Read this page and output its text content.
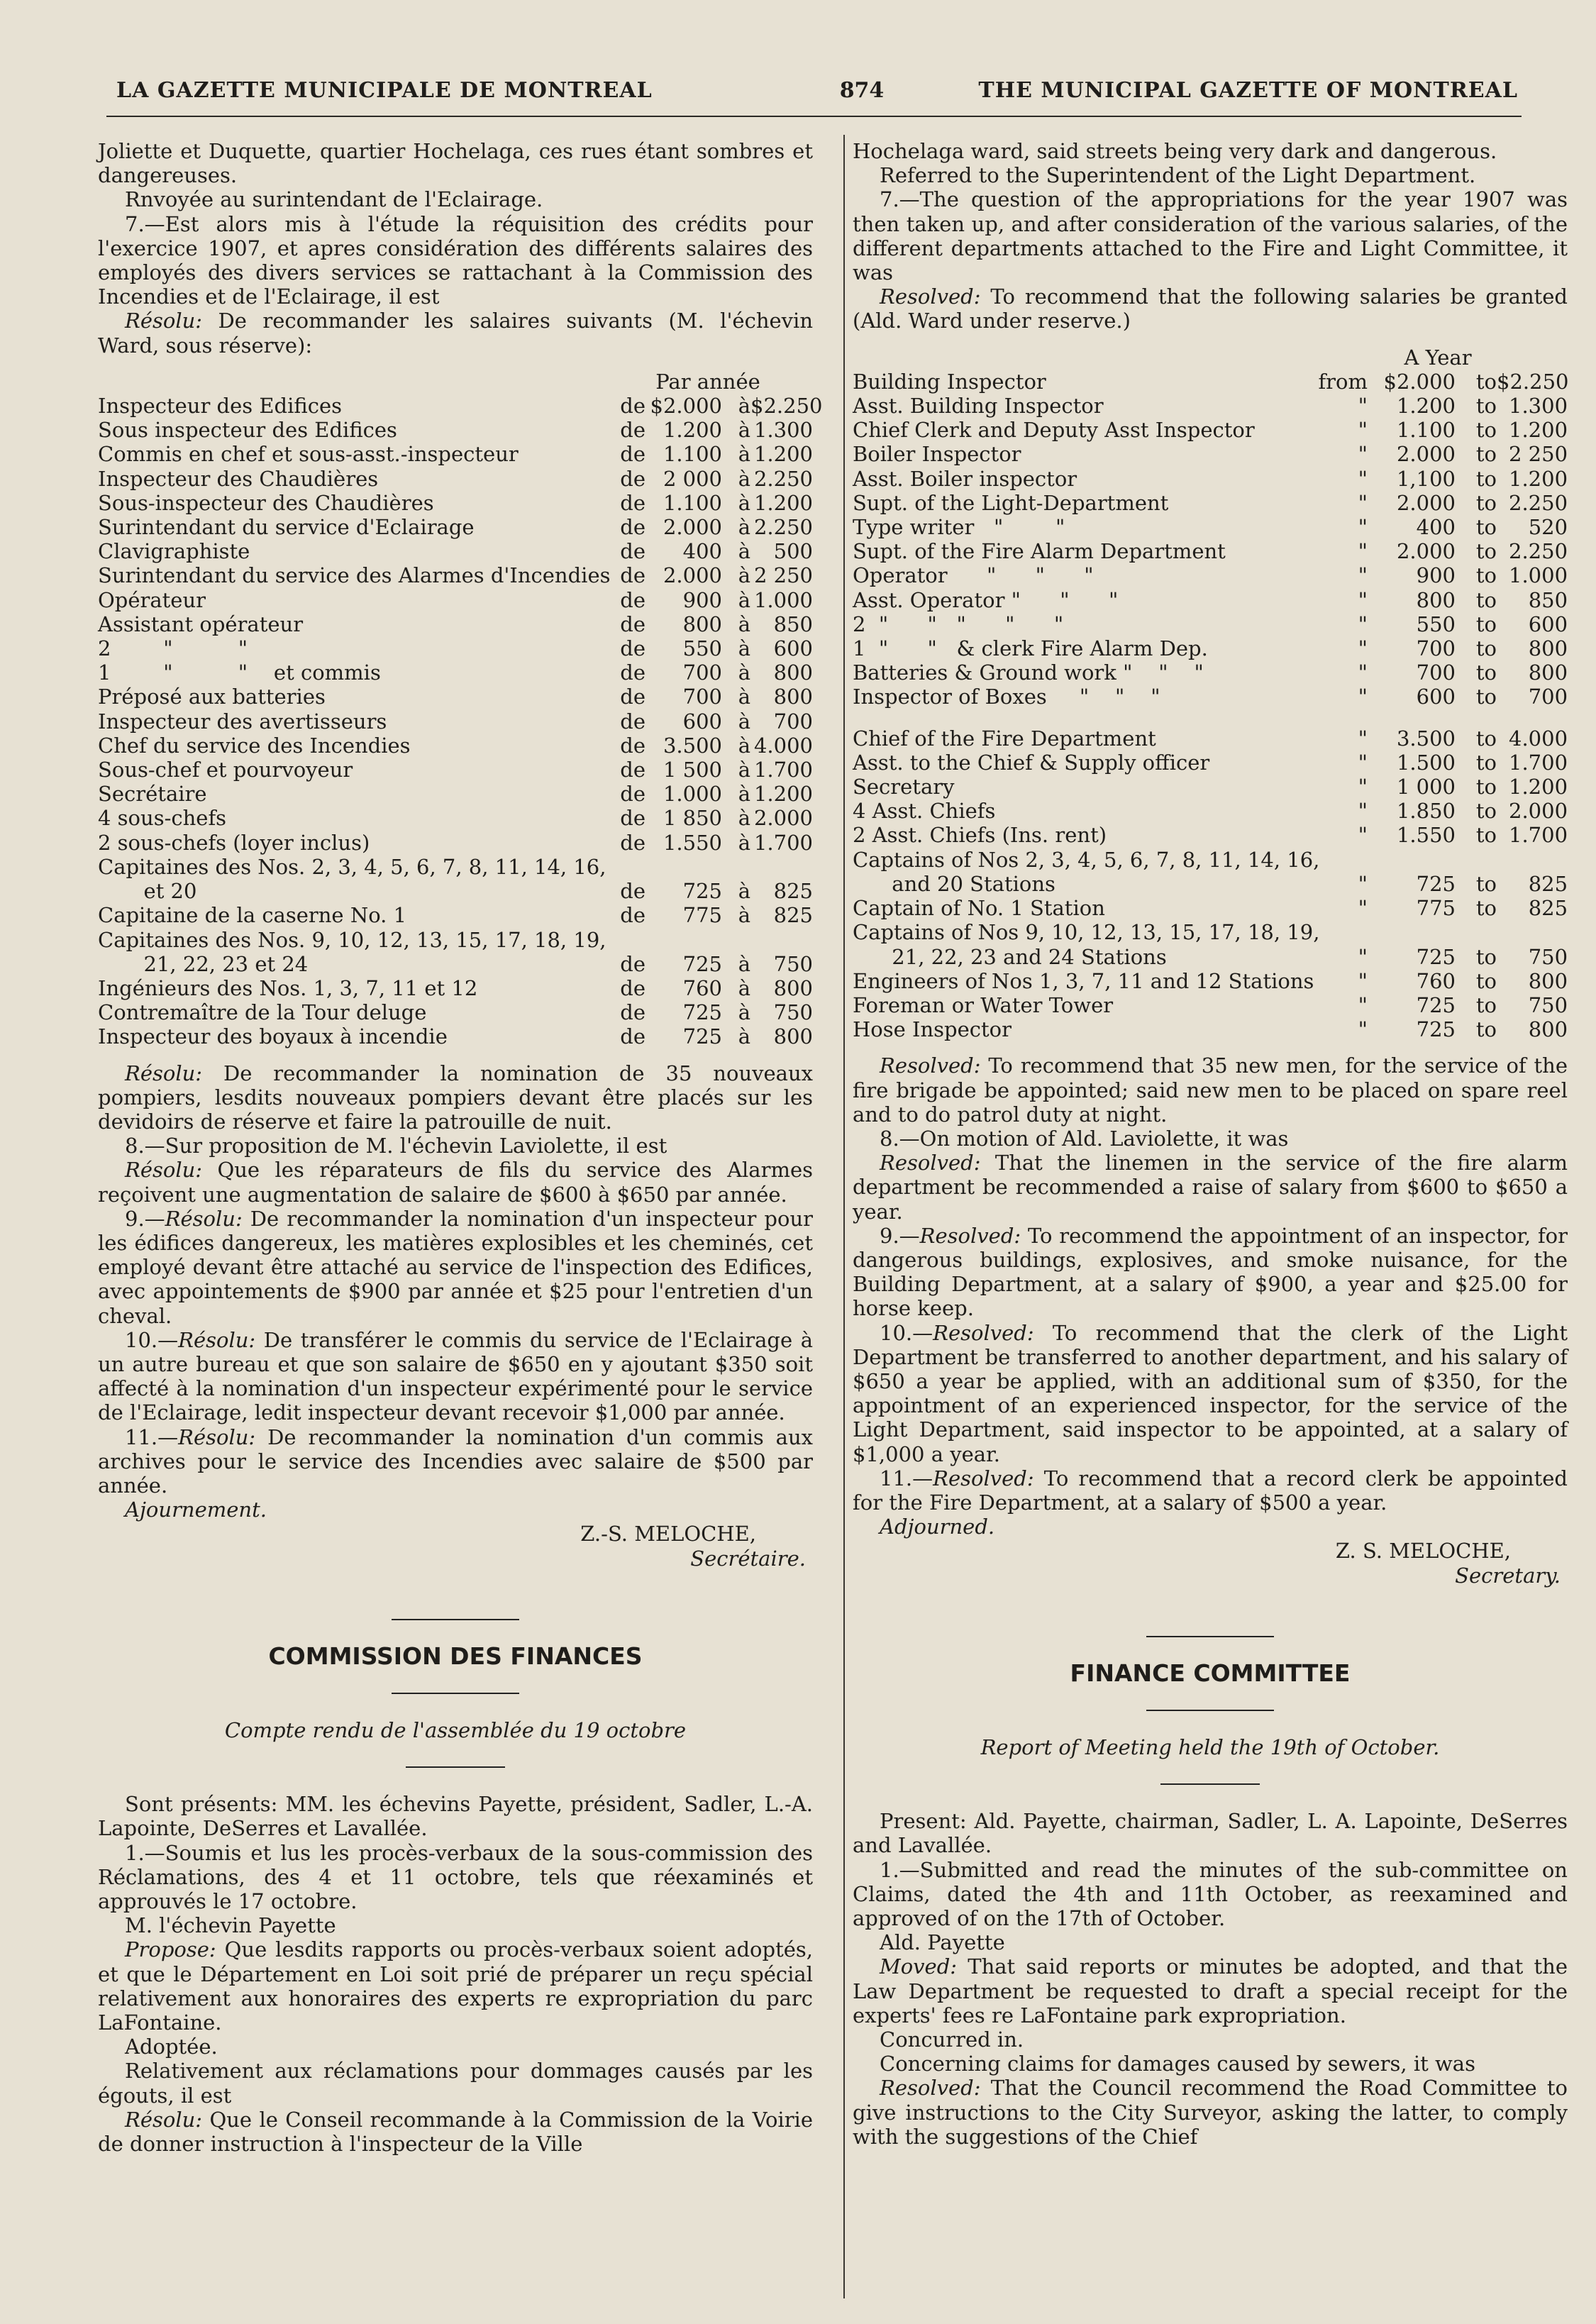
LA GAZETTE MUNICIPALE DE MONTREAL	874	THE MUNICIPAL GAZETTE OF MONTREAL

Joliette et Duquette, quartier Hochelaga, ces rues étant sombres et dangereuses.

Rnvoyée au surintendant de l'Eclairage.

7.—Est alors mis à l'étude la réquisition des crédits pour l'exercice 1907, et apres considération des différents salaires des employés des divers services se rattachant à la Commission des Incendies et de l'Eclairage, il est

Résolu: De recommander les salaires suivants (M. l'échevin Ward, sous réserve):

	Par année			
Inspecteur des Edifices	de	$2.000	à	$2.250
Sous inspecteur des Edifices	de	1.200	à	1.300
Commis en chef et sous-asst.-inspecteur	de	1.100	à	1.200
Inspecteur des Chaudières	de	2 000	à	2.250
Sous-inspecteur des Chaudières	de	1.100	à	1.200
Surintendant du service d'Eclairage	de	2.000	à	2.250
Clavigraphiste	de	400	à	500
Surintendant du service des Alarmes d'Incendies	de	2.000	à	2 250
Opérateur	de	900	à	1.000
Assistant opérateur	de	800	à	850
2        "          "	de	550	à	600
1        "          "    et commis	de	700	à	800
Préposé aux batteries	de	700	à	800
Inspecteur des avertisseurs	de	600	à	700
Chef du service des Incendies	de	3.500	à	4.000
Sous-chef et pourvoyeur	de	1 500	à	1.700
Secrétaire	de	1.000	à	1.200
4 sous-chefs	de	1 850	à	2.000
2 sous-chefs (loyer inclus)	de	1.550	à	1.700
Capitaines des Nos. 2, 3, 4, 5, 6, 7, 8, 11, 14, 16,				
et 20	de	725	à	825
Capitaine de la caserne No. 1	de	775	à	825
Capitaines des Nos. 9, 10, 12, 13, 15, 17, 18, 19,				
21, 22, 23 et 24	de	725	à	750
Ingénieurs des Nos. 1, 3, 7, 11 et 12	de	760	à	800
Contremaître de la Tour deluge	de	725	à	750
Inspecteur des boyaux à incendie	de	725	à	800

Résolu: De recommander la nomination de 35 nouveaux pompiers, lesdits nouveaux pompiers devant être placés sur les devidoirs de réserve et faire la patrouille de nuit.

8.—Sur proposition de M. l'échevin Laviolette, il est

Résolu: Que les réparateurs de fils du service des Alarmes reçoivent une augmentation de salaire de $600 à $650 par année.

9.—Résolu: De recommander la nomination d'un inspecteur pour les édifices dangereux, les matières explosibles et les cheminés, cet employé devant être attaché au service de l'inspection des Edifices, avec appointements de $900 par année et $25 pour l'entretien d'un cheval.

10.—Résolu: De transférer le commis du service de l'Eclairage à un autre bureau et que son salaire de $650 en y ajoutant $350 soit affecté à la nomination d'un inspecteur expérimenté pour le service de l'Eclairage, ledit inspecteur devant recevoir $1,000 par année.

11.—Résolu: De recommander la nomination d'un commis aux archives pour le service des Incendies avec salaire de $500 par année.

Ajournement.

Z.-S. MELOCHE,

Secrétaire.

COMMISSION DES FINANCES

Compte rendu de l'assemblée du 19 octobre

Sont présents: MM. les échevins Payette, président, Sadler, L.-A. Lapointe, DeSerres et Lavallée.

1.—Soumis et lus les procès-verbaux de la sous-commission des Réclamations, des 4 et 11 octobre, tels que réexaminés et approuvés le 17 octobre.

M. l'échevin Payette

Propose: Que lesdits rapports ou procès-verbaux soient adoptés, et que le Département en Loi soit prié de préparer un reçu spécial relativement aux honoraires des experts re expropriation du parc LaFontaine.

Adoptée.

Relativement aux réclamations pour dommages causés par les égouts, il est

Résolu: Que le Conseil recommande à la Commission de la Voirie de donner instruction à l'inspecteur de la Ville

Hochelaga ward, said streets being very dark and dangerous.

Referred to the Superintendent of the Light Department.

7.—The question of the appropriations for the year 1907 was then taken up, and after consideration of the various salaries, of the different departments attached to the Fire and Light Committee, it was

Resolved: To recommend that the following salaries be granted (Ald. Ward under reserve.)

	A Year			
Building Inspector	from	$2.000	to	$2.250
Asst. Building Inspector	"	1.200	to	1.300
Chief Clerk and Deputy Asst Inspector	"	1.100	to	1.200
Boiler Inspector	"	2.000	to	2 250
Asst. Boiler inspector	"	1,100	to	1.200
Supt. of the Light-Department	"	2.000	to	2.250
Type writer   "        "	"	400	to	520
Supt. of the Fire Alarm Department	"	2.000	to	2.250
Operator      "      "      "	"	900	to	1.000
Asst. Operator "      "      "	"	800	to	850
2  "      "   "      "      "	"	550	to	600
1  "      "   & clerk Fire Alarm Dep.	"	700	to	800
Batteries & Ground work "    "    "	"	700	to	800
Inspector of Boxes     "    "    "	"	600	to	700

Chief of the Fire Department	"	3.500	to	4.000
Asst. to the Chief & Supply officer	"	1.500	to	1.700
Secretary	"	1 000	to	1.200
4 Asst. Chiefs	"	1.850	to	2.000
2 Asst. Chiefs (Ins. rent)	"	1.550	to	1.700
Captains of Nos 2, 3, 4, 5, 6, 7, 8, 11, 14, 16,				
and 20 Stations	"	725	to	825
Captain of No. 1 Station	"	775	to	825
Captains of Nos 9, 10, 12, 13, 15, 17, 18, 19,				
21, 22, 23 and 24 Stations	"	725	to	750
Engineers of Nos 1, 3, 7, 11 and 12 Stations	"	760	to	800
Foreman or Water Tower	"	725	to	750
Hose Inspector	"	725	to	800

Resolved: To recommend that 35 new men, for the service of the fire brigade be appointed; said new men to be placed on spare reel and to do patrol duty at night.

8.—On motion of Ald. Laviolette, it was

Resolved: That the linemen in the service of the fire alarm department be recommended a raise of salary from $600 to $650 a year.

9.—Resolved: To recommend the appointment of an inspector, for dangerous buildings, explosives, and smoke nuisance, for the Building Department, at a salary of $900, a year and $25.00 for horse keep.

10.—Resolved: To recommend that the clerk of the Light Department be transferred to another department, and his salary of $650 a year be applied, with an additional sum of $350, for the appointment of an experienced inspector, for the service of the Light Department, said inspector to be appointed, at a salary of $1,000 a year.

11.—Resolved: To recommend that a record clerk be appointed for the Fire Department, at a salary of $500 a year.

Adjourned.

Z. S. MELOCHE,

Secretary.

FINANCE COMMITTEE

Report of Meeting held the 19th of October.

Present: Ald. Payette, chairman, Sadler, L. A. Lapointe, DeSerres and Lavallée.

1.—Submitted and read the minutes of the sub-committee on Claims, dated the 4th and 11th October, as reexamined and approved of on the 17th of October.

Ald. Payette

Moved: That said reports or minutes be adopted, and that the Law Department be requested to draft a special receipt for the experts' fees re LaFontaine park expropriation.

Concurred in.

Concerning claims for damages caused by sewers, it was

Resolved: That the Council recommend the Road Committee to give instructions to the City Surveyor, asking the latter, to comply with the suggestions of the Chief
